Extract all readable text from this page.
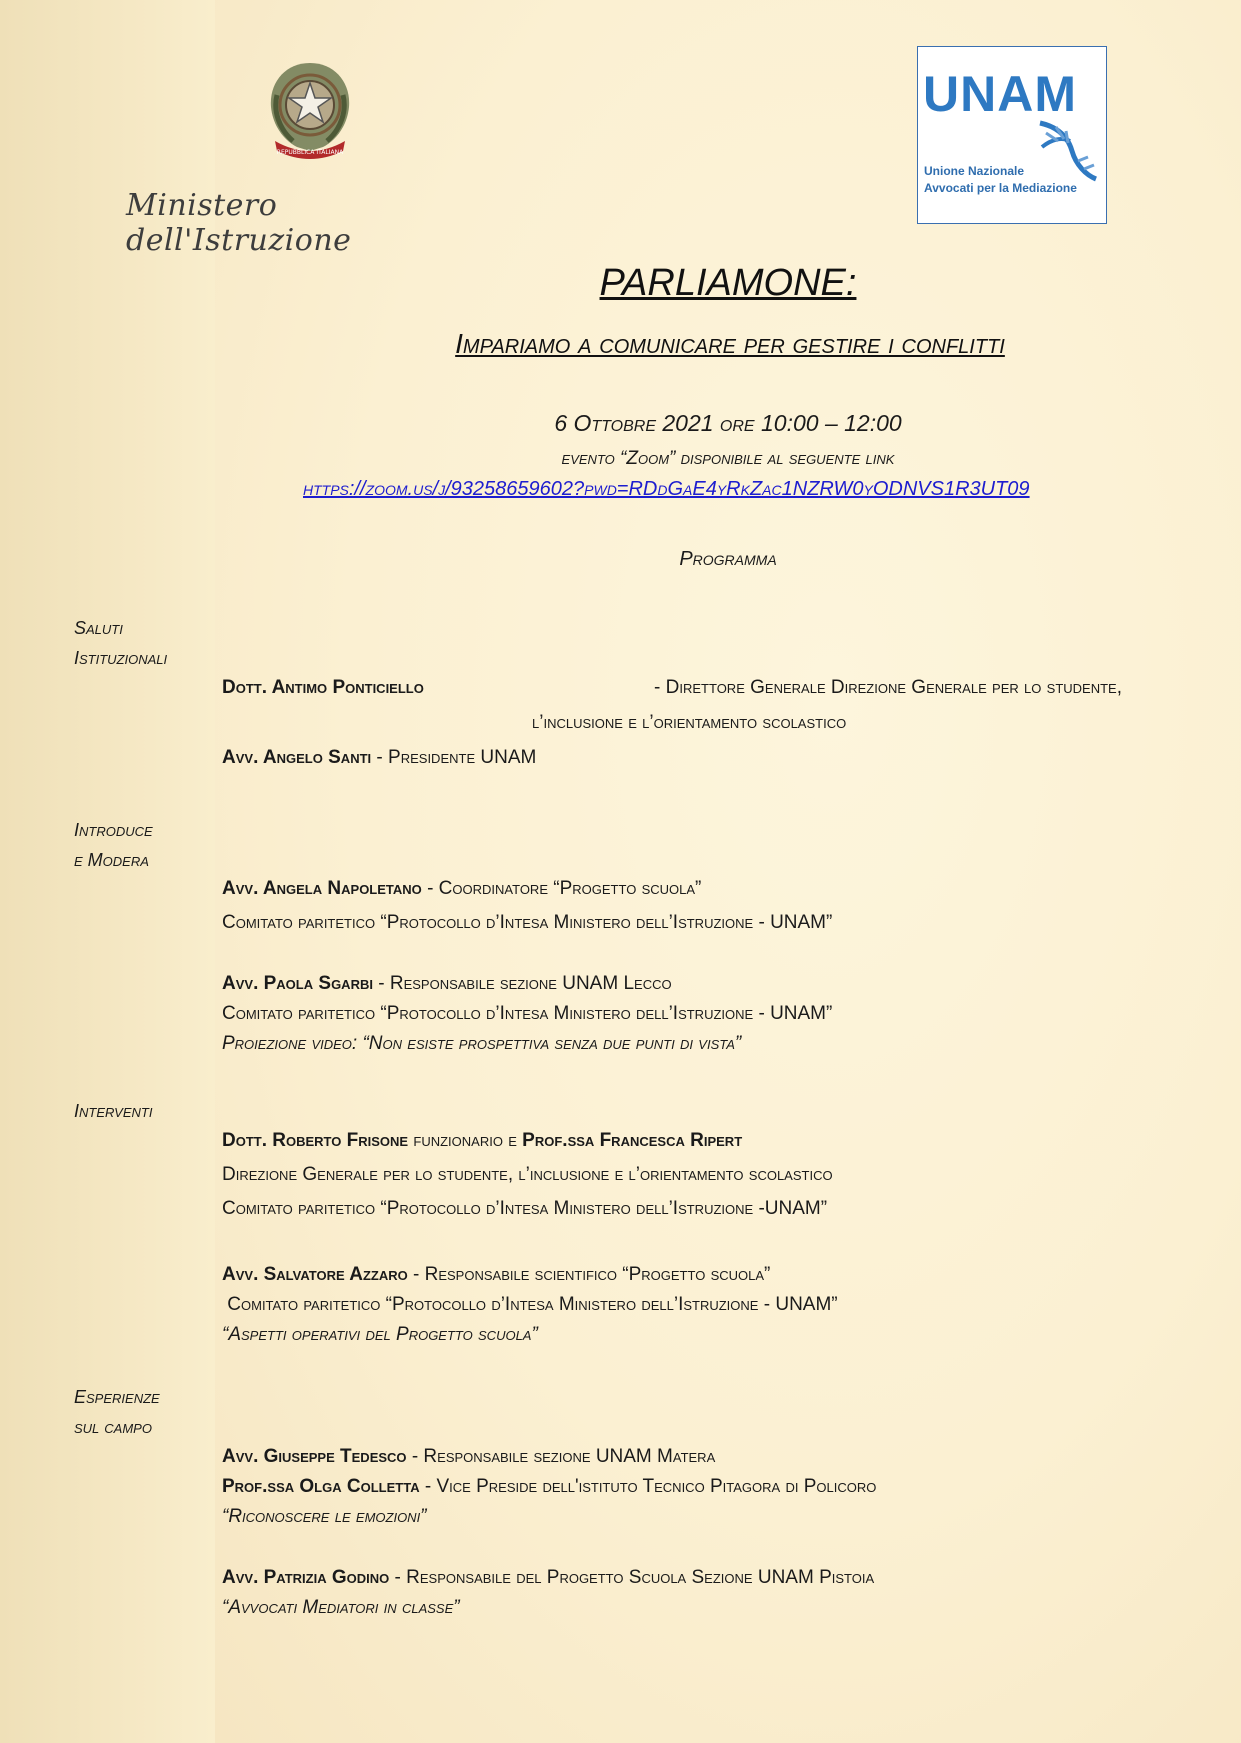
REPUBBLICA ITALIANA
Ministero dell'Istruzione
UNAM
Unione Nazionale
Avvocati per la Mediazione
PARLIAMONE:
Impariamo a comunicare per gestire i conflitti
6 Ottobre 2021 ore 10:00 – 12:00
evento “Zoom” disponibile al seguente link
https://zoom.us/j/93258659602?pwd=RDdGaE4yRkZac1NZRW0yODNVS1R3UT09
Programma
Saluti
Istituzionali
Dott. Antimo Ponticiello	- Direttore Generale Direzione Generale per lo studente,
l’inclusione e l’orientamento scolastico
Avv. Angelo Santi - Presidente UNAM
Introduce
e Modera
Avv. Angela Napoletano - Coordinatore “Progetto scuola”
Comitato paritetico “Protocollo d’Intesa Ministero dell’Istruzione - UNAM”
Avv. Paola Sgarbi - Responsabile sezione UNAM Lecco
Comitato paritetico “Protocollo d’Intesa Ministero dell’Istruzione - UNAM”
Proiezione video: “Non esiste prospettiva senza due punti di vista”
Interventi
Dott. Roberto Frisone funzionario e Prof.ssa Francesca Ripert
Direzione Generale per lo studente, l’inclusione e l’orientamento scolastico
Comitato paritetico “Protocollo d’Intesa Ministero dell’Istruzione -UNAM”
Avv. Salvatore Azzaro - Responsabile scientifico “Progetto scuola”
Comitato paritetico “Protocollo d’Intesa Ministero dell’Istruzione - UNAM”
“Aspetti operativi del Progetto scuola”
Esperienze
sul campo
Avv. Giuseppe Tedesco - Responsabile sezione UNAM Matera
Prof.ssa Olga Colletta - Vice Preside dell'istituto Tecnico Pitagora di Policoro
“Riconoscere le emozioni”
Avv. Patrizia Godino - Responsabile del Progetto Scuola Sezione UNAM Pistoia
“Avvocati Mediatori in classe”
